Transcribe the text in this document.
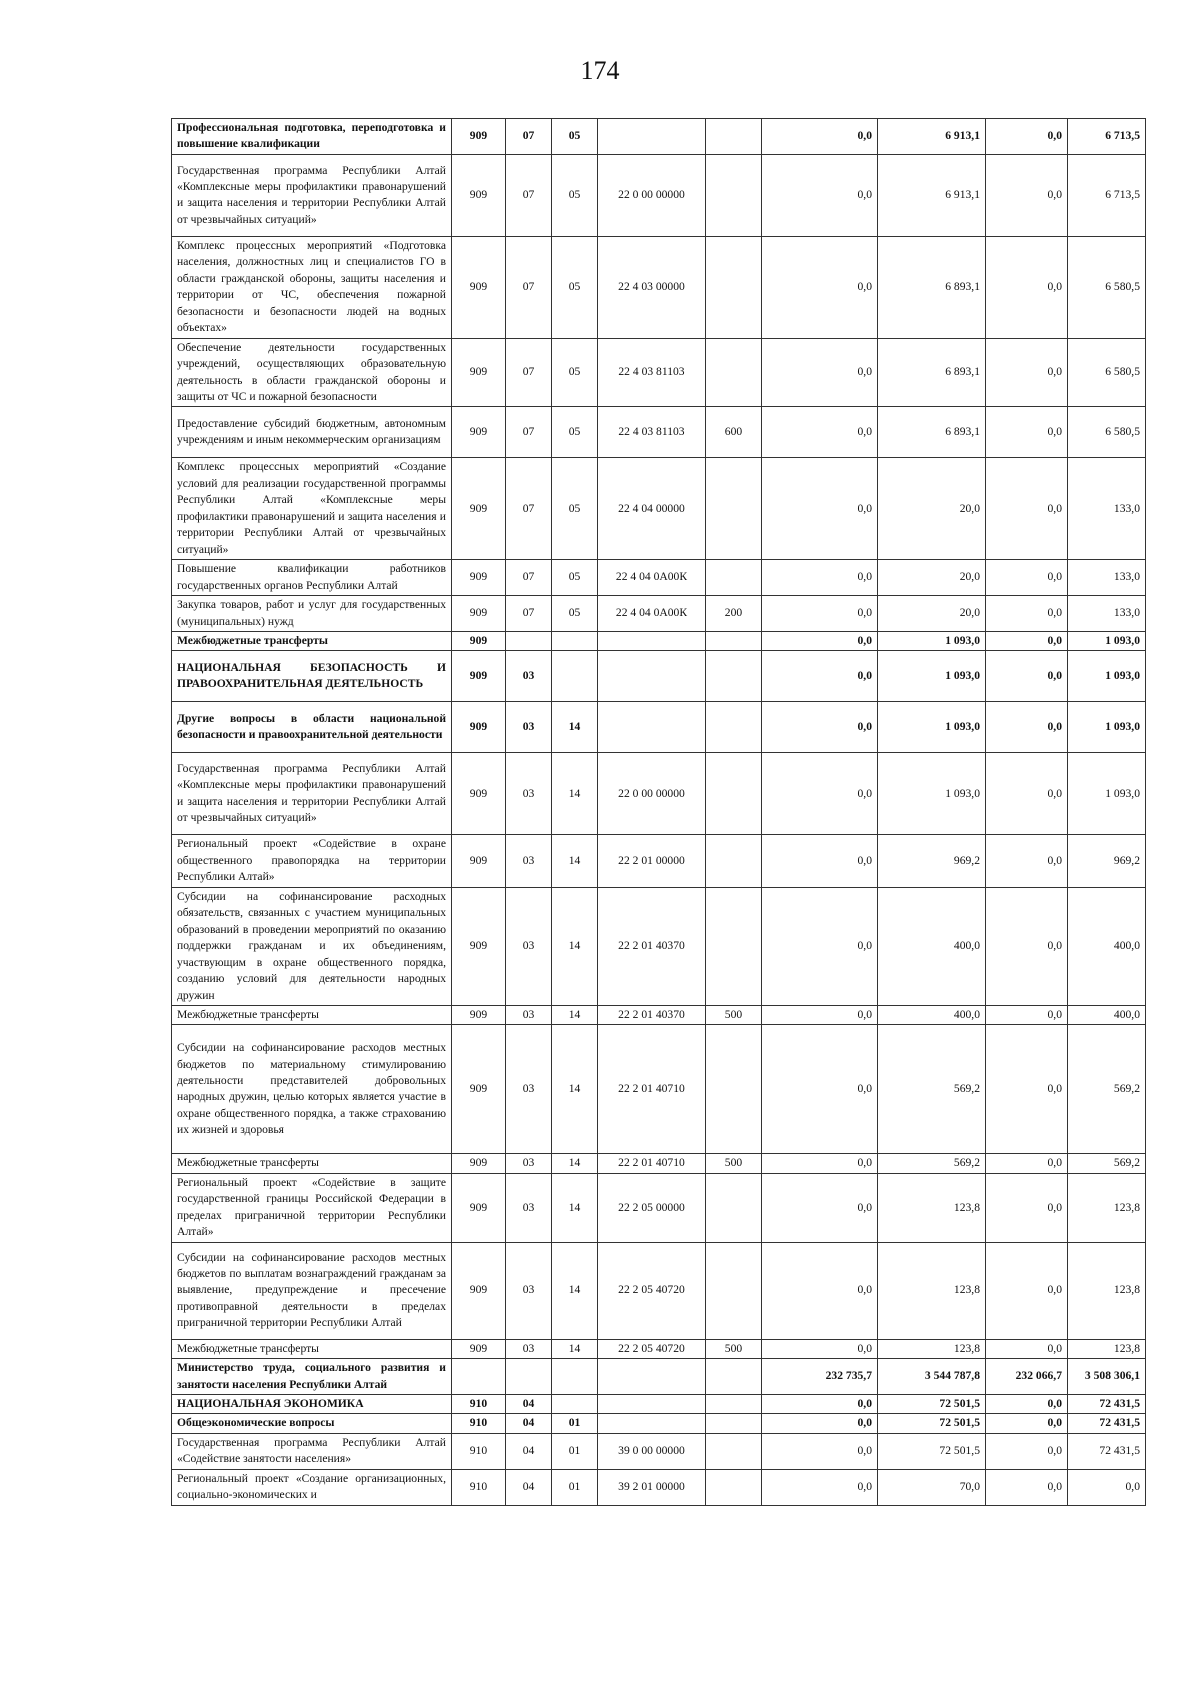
174
Профессиональная подготовка, переподготовка и повышение квалификации	909	07	05			0,0	6 913,1	0,0	6 713,5
Государственная программа Республики Алтай «Комплексные меры профилактики правонарушений и защита населения и территории Республики Алтай от чрезвычайных ситуаций»	909	07	05	22 0 00 00000		0,0	6 913,1	0,0	6 713,5
Комплекс процессных мероприятий «Подготовка населения, должностных лиц и специалистов ГО в области гражданской обороны, защиты населения и территории от ЧС, обеспечения пожарной безопасности и безопасности людей на водных объектах»	909	07	05	22 4 03 00000		0,0	6 893,1	0,0	6 580,5
Обеспечение деятельности государственных учреждений, осуществляющих образовательную деятельность в области гражданской обороны и защиты от ЧС и пожарной безопасности	909	07	05	22 4 03 81103		0,0	6 893,1	0,0	6 580,5
Предоставление субсидий бюджетным, автономным учреждениям и иным некоммерческим организациям	909	07	05	22 4 03 81103	600	0,0	6 893,1	0,0	6 580,5
Комплекс процессных мероприятий «Создание условий для реализации государственной программы Республики Алтай «Комплексные меры профилактики правонарушений и защита населения и территории Республики Алтай от чрезвычайных ситуаций»	909	07	05	22 4 04 00000		0,0	20,0	0,0	133,0
Повышение квалификации работников государственных органов Республики Алтай	909	07	05	22 4 04 0А00К		0,0	20,0	0,0	133,0
Закупка товаров, работ и услуг для государственных (муниципальных) нужд	909	07	05	22 4 04 0А00К	200	0,0	20,0	0,0	133,0
Межбюджетные трансферты	909					0,0	1 093,0	0,0	1 093,0
НАЦИОНАЛЬНАЯ БЕЗОПАСНОСТЬ И ПРАВООХРАНИТЕЛЬНАЯ ДЕЯТЕЛЬНОСТЬ	909	03				0,0	1 093,0	0,0	1 093,0
Другие вопросы в области национальной безопасности и правоохранительной деятельности	909	03	14			0,0	1 093,0	0,0	1 093,0
Государственная программа Республики Алтай «Комплексные меры профилактики правонарушений и защита населения и территории Республики Алтай от чрезвычайных ситуаций»	909	03	14	22 0 00 00000		0,0	1 093,0	0,0	1 093,0
Региональный проект «Содействие в охране общественного правопорядка на территории Республики Алтай»	909	03	14	22 2 01 00000		0,0	969,2	0,0	969,2
Субсидии на софинансирование расходных обязательств, связанных с участием муниципальных образований в проведении мероприятий по оказанию поддержки гражданам и их объединениям, участвующим в охране общественного порядка, созданию условий для деятельности народных дружин	909	03	14	22 2 01 40370		0,0	400,0	0,0	400,0
Межбюджетные трансферты	909	03	14	22 2 01 40370	500	0,0	400,0	0,0	400,0
Субсидии на софинансирование расходов местных бюджетов по материальному стимулированию деятельности представителей добровольных народных дружин, целью которых является участие в охране общественного порядка, а также страхованию их жизней и здоровья	909	03	14	22 2 01 40710		0,0	569,2	0,0	569,2
Межбюджетные трансферты	909	03	14	22 2 01 40710	500	0,0	569,2	0,0	569,2
Региональный проект «Содействие в защите государственной границы Российской Федерации в пределах приграничной территории Республики Алтай»	909	03	14	22 2 05 00000		0,0	123,8	0,0	123,8
Субсидии на софинансирование расходов местных бюджетов по выплатам вознаграждений гражданам за выявление, предупреждение и пресечение противоправной деятельности в пределах приграничной территории Республики Алтай	909	03	14	22 2 05 40720		0,0	123,8	0,0	123,8
Межбюджетные трансферты	909	03	14	22 2 05 40720	500	0,0	123,8	0,0	123,8
Министерство труда, социального развития и занятости населения Республики Алтай						232 735,7	3 544 787,8	232 066,7	3 508 306,1
НАЦИОНАЛЬНАЯ ЭКОНОМИКА	910	04				0,0	72 501,5	0,0	72 431,5
Общеэкономические вопросы	910	04	01			0,0	72 501,5	0,0	72 431,5
Государственная программа Республики Алтай «Содействие занятости населения»	910	04	01	39 0 00 00000		0,0	72 501,5	0,0	72 431,5
Региональный проект «Создание организационных, социально-экономических и	910	04	01	39 2 01 00000		0,0	70,0	0,0	0,0
